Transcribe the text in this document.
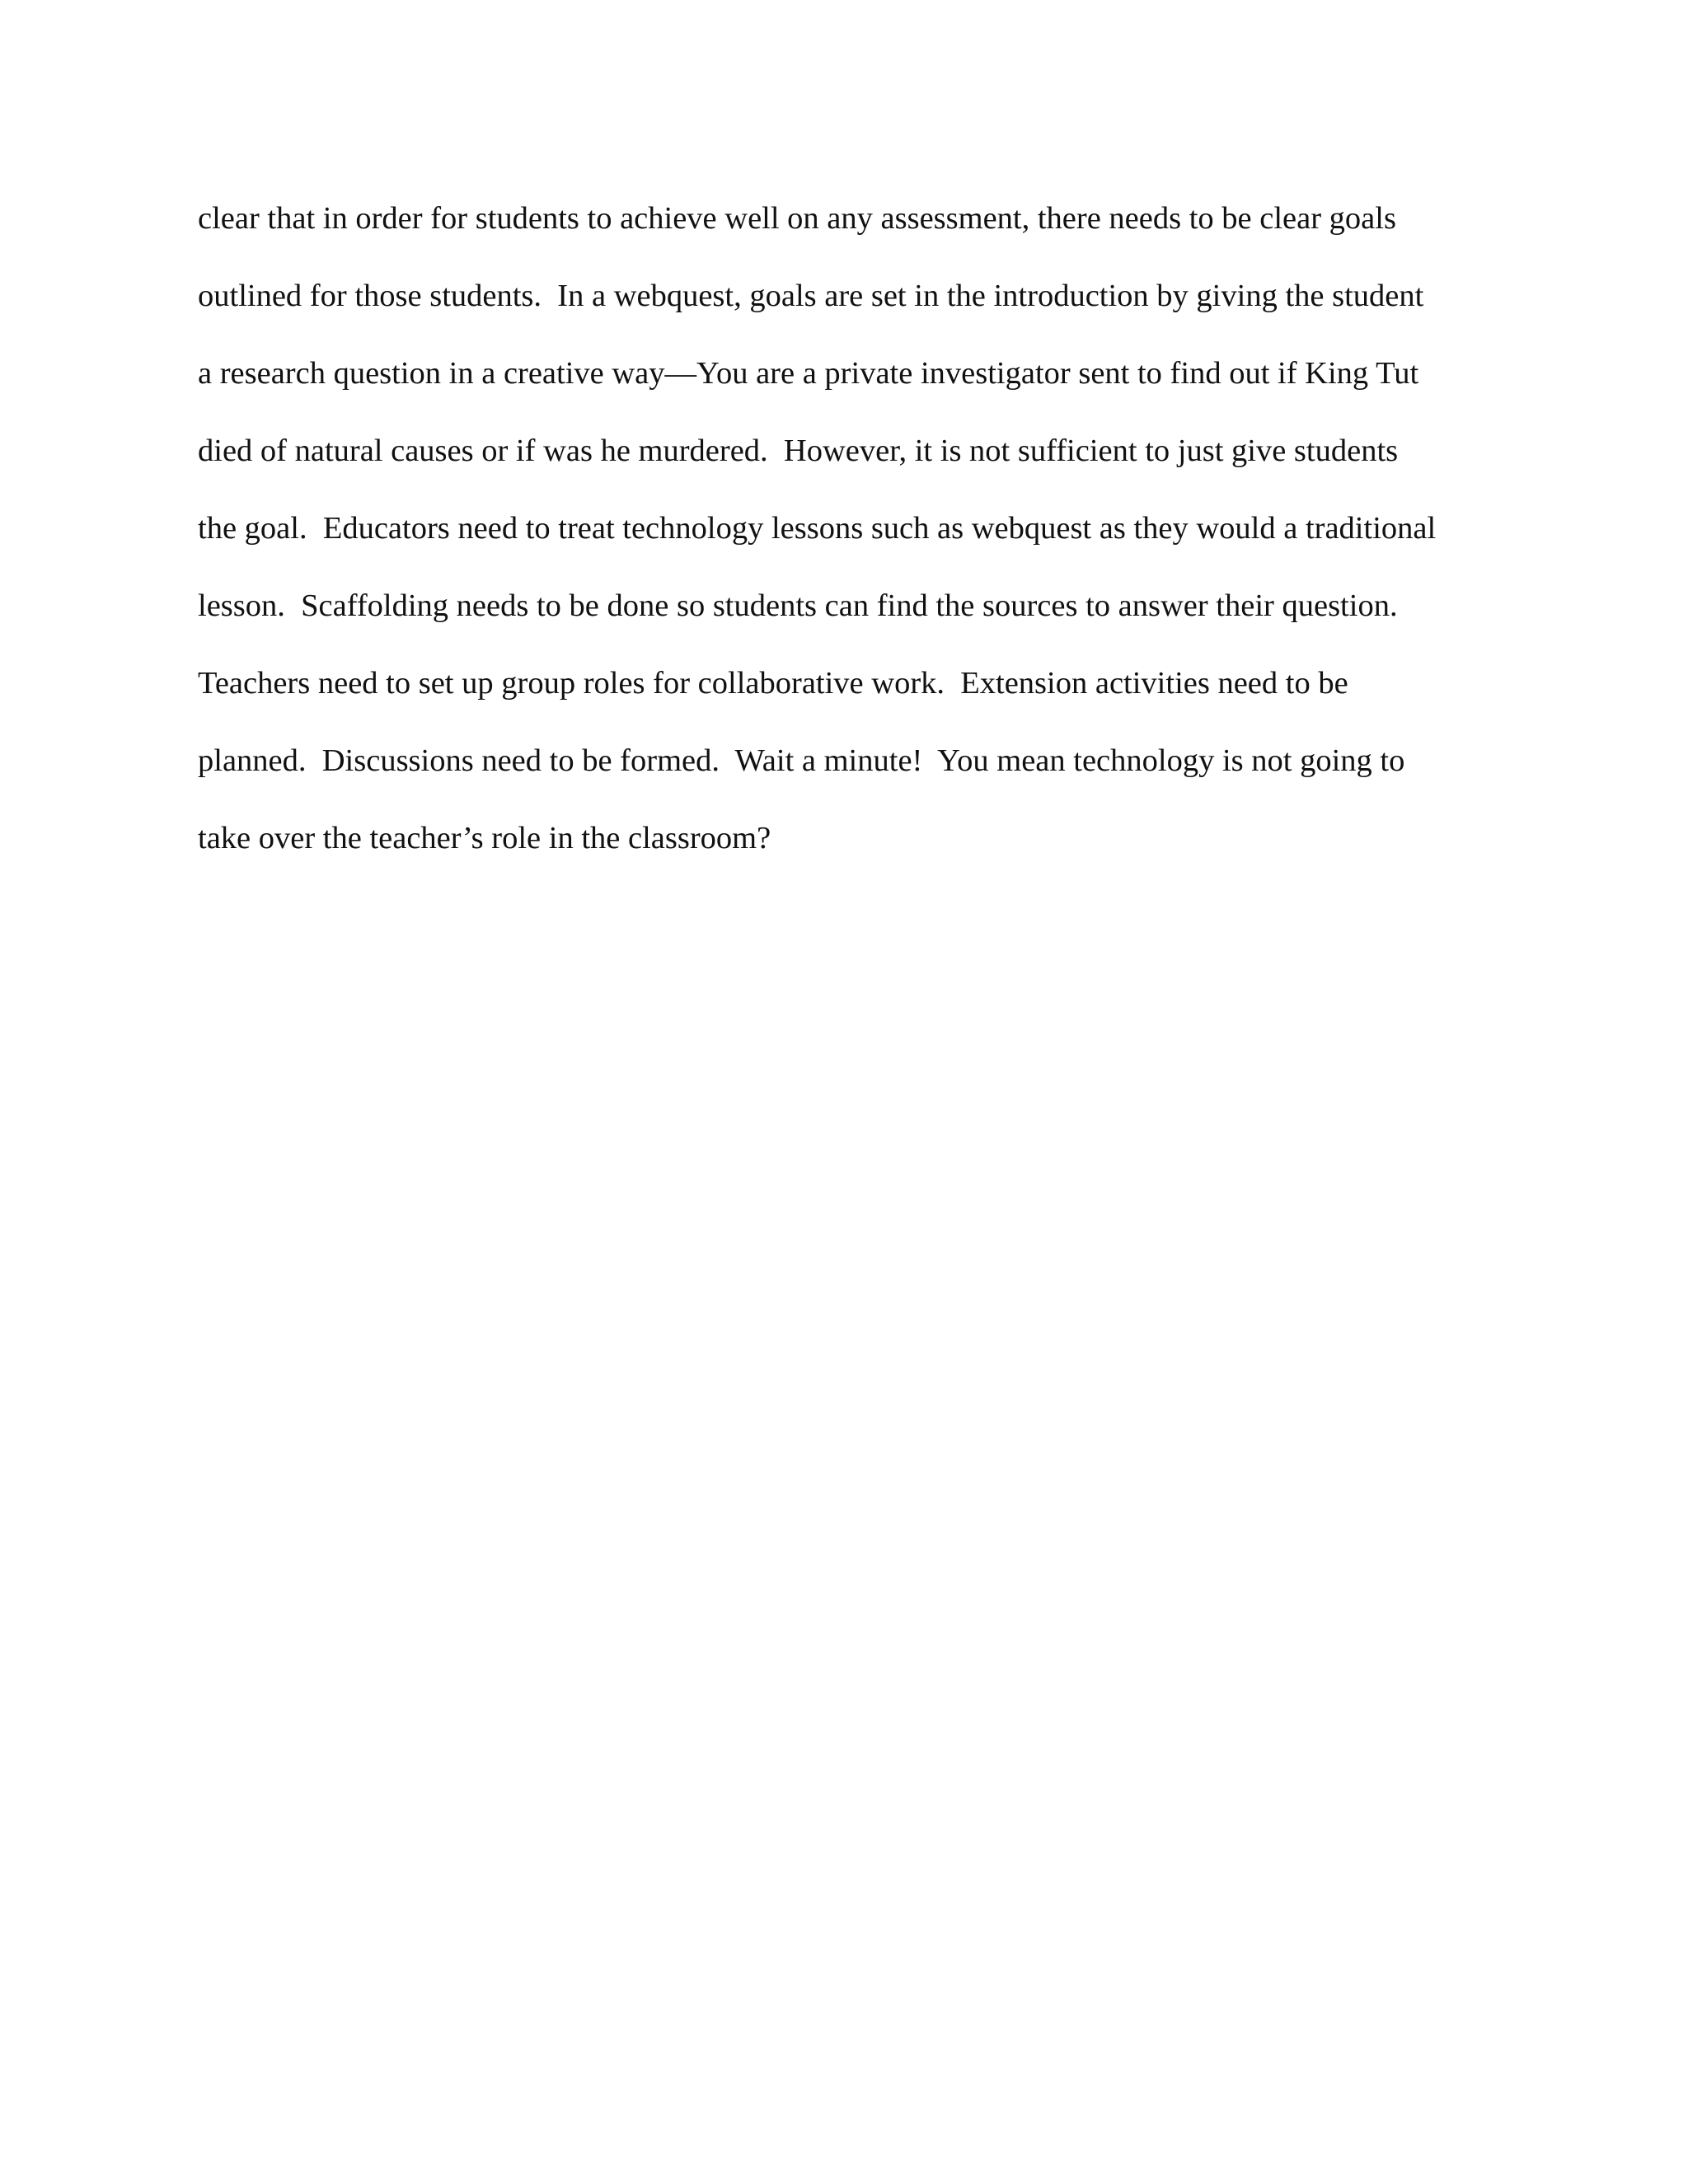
clear that in order for students to achieve well on any assessment, there needs to be clear goals
outlined for those students.  In a webquest, goals are set in the introduction by giving the student
a research question in a creative way—You are a private investigator sent to find out if King Tut
died of natural causes or if was he murdered.  However, it is not sufficient to just give students
the goal.  Educators need to treat technology lessons such as webquest as they would a traditional
lesson.  Scaffolding needs to be done so students can find the sources to answer their question.
Teachers need to set up group roles for collaborative work.  Extension activities need to be
planned.  Discussions need to be formed.  Wait a minute!  You mean technology is not going to
take over the teacher’s role in the classroom?
